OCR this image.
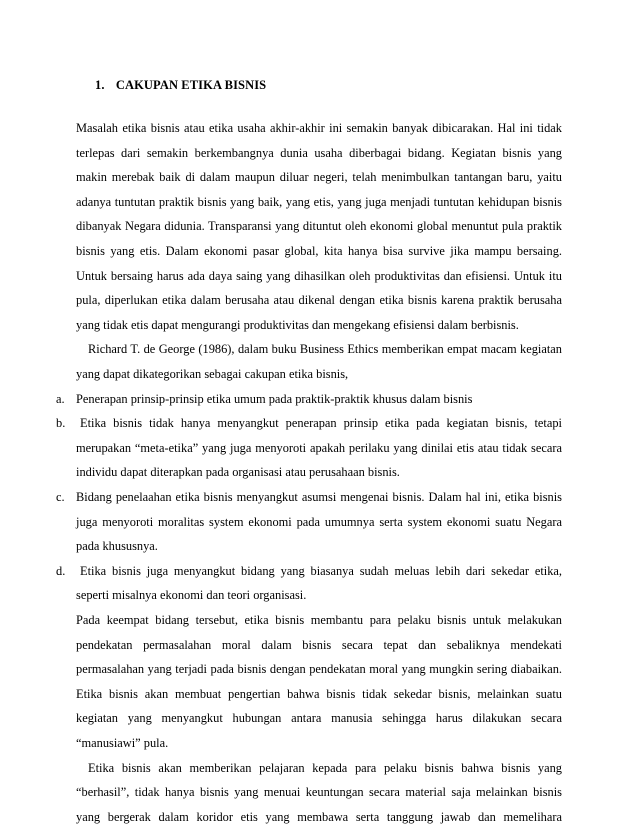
1. CAKUPAN ETIKA BISNIS
Masalah etika bisnis atau etika usaha akhir-akhir ini semakin banyak dibicarakan. Hal ini tidak
terlepas dari semakin berkembangnya dunia usaha diberbagai bidang. Kegiatan bisnis yang
makin merebak baik di dalam maupun diluar negeri, telah menimbulkan tantangan baru, yaitu
adanya tuntutan praktik bisnis yang baik, yang etis, yang juga menjadi tuntutan kehidupan bisnis
dibanyak Negara didunia. Transparansi yang dituntut oleh ekonomi global menuntut pula praktik
bisnis yang etis. Dalam ekonomi pasar global, kita hanya bisa survive jika mampu bersaing.
Untuk bersaing harus ada daya saing yang dihasilkan oleh produktivitas dan efisiensi. Untuk itu
pula, diperlukan etika dalam berusaha atau dikenal dengan etika bisnis karena praktik berusaha
yang tidak etis dapat mengurangi produktivitas dan mengekang efisiensi dalam berbisnis.
Richard T. de George (1986), dalam buku Business Ethics memberikan empat macam kegiatan
yang dapat dikategorikan sebagai cakupan etika bisnis,
a. Penerapan prinsip-prinsip etika umum pada praktik-praktik khusus dalam bisnis
b. Etika bisnis tidak hanya menyangkut penerapan prinsip etika pada kegiatan bisnis, tetapi
merupakan “meta-etika” yang juga menyoroti apakah perilaku yang dinilai etis atau tidak secara
individu dapat diterapkan pada organisasi atau perusahaan bisnis.
c. Bidang penelaahan etika bisnis menyangkut asumsi mengenai bisnis. Dalam hal ini, etika bisnis
juga menyoroti moralitas system ekonomi pada umumnya serta system ekonomi suatu Negara
pada khususnya.
d. Etika bisnis juga menyangkut bidang yang biasanya sudah meluas lebih dari sekedar etika,
seperti misalnya ekonomi dan teori organisasi.
Pada keempat bidang tersebut, etika bisnis membantu para pelaku bisnis untuk melakukan
pendekatan permasalahan moral dalam bisnis secara tepat dan sebaliknya mendekati
permasalahan yang terjadi pada bisnis dengan pendekatan moral yang mungkin sering diabaikan.
Etika bisnis akan membuat pengertian bahwa bisnis tidak sekedar bisnis, melainkan suatu
kegiatan yang menyangkut hubungan antara manusia sehingga harus dilakukan secara
“manusiawi” pula.
Etika bisnis akan memberikan pelajaran kepada para pelaku bisnis bahwa bisnis yang
“berhasil”, tidak hanya bisnis yang menuai keuntungan secara material saja melainkan bisnis
yang bergerak dalam koridor etis yang membawa serta tanggung jawab dan memelihara
